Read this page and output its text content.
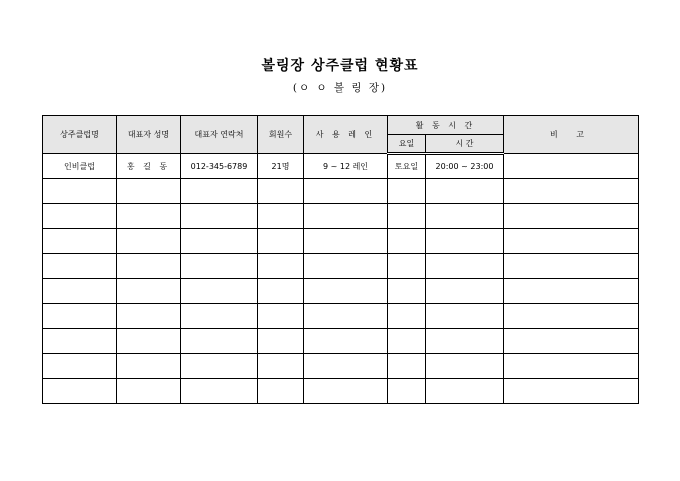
볼링장 상주클럽 현황표
(ㅇ ㅇ 볼 링 장)
상주클럽명	대표자 성명	대표자 연락처	회원수	사 용 레 인	활 동 시 간		비 고
					요일	시 간	
인비클럽	홍 길 동	012-345-6789	21명	9 ~ 12 레인	토요일	20:00 ~ 23:00	
